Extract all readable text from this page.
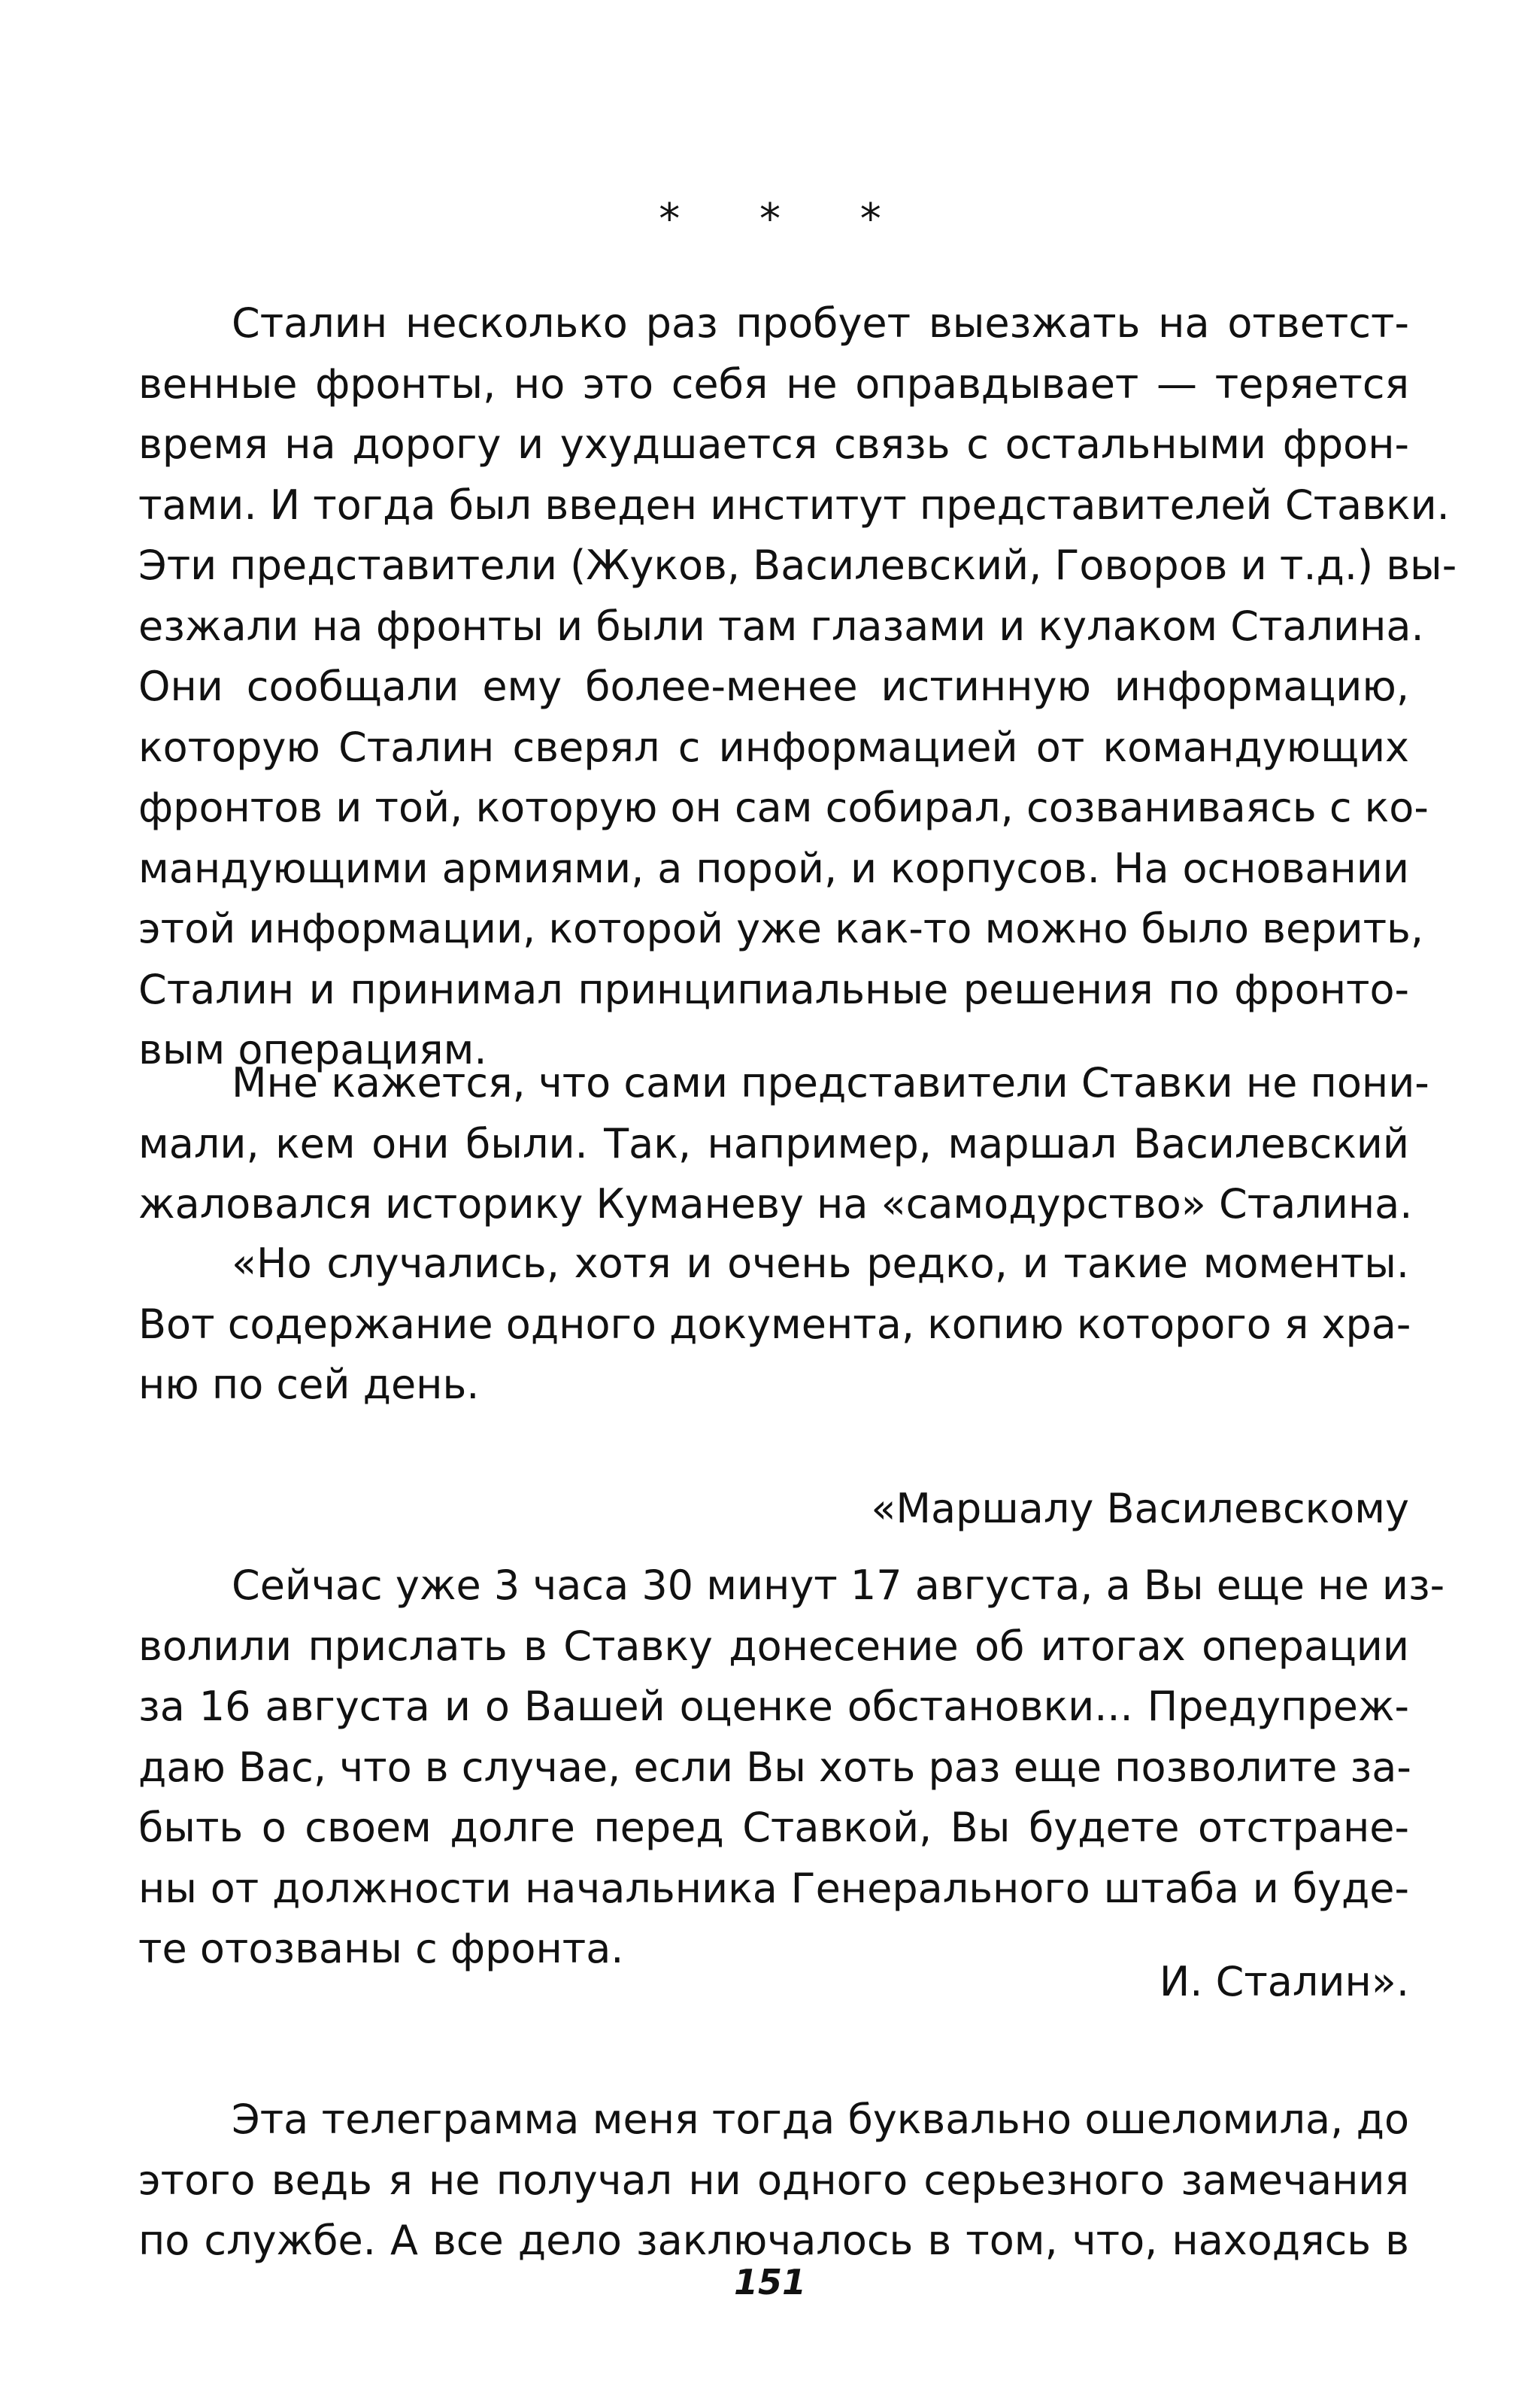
* * *
Сталин несколько раз пробует выезжать на ответст-
венные фронты, но это себя не оправдывает — теряется
время на дорогу и ухудшается связь с остальными фрон-
тами. И тогда был введен институт представителей Ставки.
Эти представители (Жуков, Василевский, Говоров и т.д.) вы-
езжали на фронты и были там глазами и кулаком Сталина.
Они сообщали ему более-менее истинную информацию,
которую Сталин сверял с информацией от командующих
фронтов и той, которую он сам собирал, созваниваясь с ко-
мандующими армиями, а порой, и корпусов. На основании
этой информации, которой уже как-то можно было верить,
Сталин и принимал принципиальные решения по фронто-
вым операциям.
Мне кажется, что сами представители Ставки не пони-
мали, кем они были. Так, например, маршал Василевский
жаловался историку Куманеву на «самодурство» Сталина.
«Но случались, хотя и очень редко, и такие моменты.
Вот содержание одного документа, копию которого я хра-
ню по сей день.
«Маршалу Василевскому
Сейчас уже 3 часа 30 минут 17 августа, а Вы еще не из-
волили прислать в Ставку донесение об итогах операции
за 16 августа и о Вашей оценке обстановки... Предупреж-
даю Вас, что в случае, если Вы хоть раз еще позволите за-
быть о своем долге перед Ставкой, Вы будете отстране-
ны от должности начальника Генерального штаба и буде-
те отозваны с фронта.
И. Сталин».
Эта телеграмма меня тогда буквально ошеломила, до
этого ведь я не получал ни одного серьезного замечания
по службе. А все дело заключалось в том, что, находясь в
151
